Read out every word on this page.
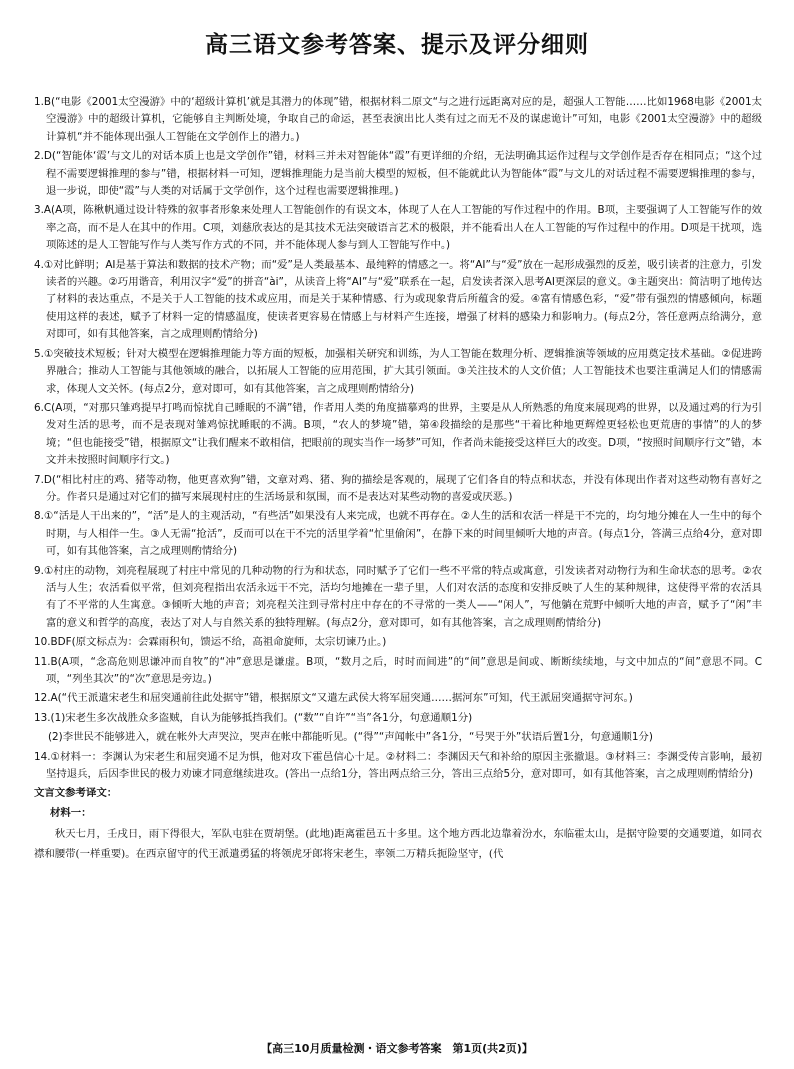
高三语文参考答案、提示及评分细则

1.B(“电影《2001太空漫游》中的‘超级计算机’就是其潜力的体现”错，根据材料二原文“与之进行远距离对应的是，超强人工智能……比如1968电影《2001太空漫游》中的超级计算机，它能够自主判断处境，争取自己的命运，甚至表演出比人类有过之而无不及的谋虑诡计”可知，电影《2001太空漫游》中的超级计算机“并不能体现出强人工智能在文学创作上的潜力。)

2.D(“智能体‘霞’与文儿的对话本质上也是文学创作”错，材料三并未对智能体“霞”有更详细的介绍，无法明确其运作过程与文学创作是否存在相同点；“这个过程不需要逻辑推理的参与”错，根据材料一可知，逻辑推理能力是当前大模型的短板，但不能就此认为智能体“霞”与文儿的对话过程不需要逻辑推理的参与，退一步说，即使“霞”与人类的对话属于文学创作，这个过程也需要逻辑推理。)

3.A(A项，陈楸帆通过设计特殊的叙事者形象来处理人工智能创作的有误文本，体现了人在人工智能的写作过程中的作用。B项，主要强调了人工智能写作的效率之高，而不是人在其中的作用。C项，刘慈欣表达的是其技术无法突破语言艺术的极限，并不能看出人在人工智能的写作过程中的作用。D项是干扰项，选项陈述的是人工智能写作与人类写作方式的不同，并不能体现人参与到人工智能写作中。)

4.①对比鲜明；AI是基于算法和数据的技术产物；而“爱”是人类最基本、最纯粹的情感之一。将“AI”与“爱”放在一起形成强烈的反差，吸引读者的注意力，引发读者的兴趣。②巧用谐音，利用汉字“爱”的拼音“ài”，从读音上将“AI”与“爱”联系在一起，启发读者深入思考AI更深层的意义。③主题突出：简洁明了地传达了材料的表达重点，不是关于人工智能的技术或应用，而是关于某种情感、行为或现象背后所蕴含的爱。④富有情感色彩，“爱”带有强烈的情感倾向，标题使用这样的表述，赋予了材料一定的情感温度，使读者更容易在情感上与材料产生连接，增强了材料的感染力和影响力。(每点2分，答任意两点给满分，意对即可，如有其他答案，言之成理则酌情给分)

5.①突破技术短板；针对大模型在逻辑推理能力等方面的短板，加强相关研究和训练，为人工智能在数理分析、逻辑推演等领域的应用奠定技术基础。②促进跨界融合；推动人工智能与其他领域的融合，以拓展人工智能的应用范围，扩大其引领面。③关注技术的人文价值；人工智能技术也要注重满足人们的情感需求，体现人文关怀。(每点2分，意对即可，如有其他答案，言之成理则酌情给分)

6.C(A项，“对那只雏鸡提早打鸣而惊扰自己睡眠的不满”错，作者用人类的角度描摹鸡的世界，主要是从人所熟悉的角度来展现鸡的世界，以及通过鸡的行为引发对生活的思考，而不是表现对雏鸡惊扰睡眠的不满。B项，“农人的梦境”错，第④段描绘的是那些“干着比种地更辉煌更轻松也更荒唐的事情”的人的梦境；“但也能接受”错，根据原文“让我们醒来不敢相信，把眼前的现实当作一场梦”可知，作者尚未能接受这样巨大的改变。D项，“按照时间顺序行文”错，本文并未按照时间顺序行文。)

7.D(“相比村庄的鸡、猪等动物，他更喜欢狗”错，文章对鸡、猪、狗的描绘是客观的，展现了它们各自的特点和状态，并没有体现出作者对这些动物有喜好之分。作者只是通过对它们的描写来展现村庄的生活场景和氛围，而不是表达对某些动物的喜爱或厌恶。)

8.①“活是人干出来的”，“活”是人的主观活动，“有些活”如果没有人来完成，也就不再存在。②人生的活和农活一样是干不完的，均匀地分摊在人一生中的每个时期，与人相伴一生。③人无需“抢活”，反而可以在干不完的活里学着“忙里偷闲”，在静下来的时间里倾听大地的声音。(每点1分，答满三点给4分，意对即可，如有其他答案，言之成理则酌情给分)

9.①村庄的动物，刘亮程展现了村庄中常见的几种动物的行为和状态，同时赋予了它们一些不平常的特点或寓意，引发读者对动物行为和生命状态的思考。②农活与人生；农活看似平常，但刘亮程指出农活永远干不完，活均匀地摊在一辈子里，人们对农活的态度和安排反映了人生的某种规律，这使得平常的农活具有了不平常的人生寓意。③倾听大地的声音；刘亮程关注到寻常村庄中存在的不寻常的一类人——“闲人”，写他躺在荒野中倾听大地的声音，赋予了“闲”丰富的意义和哲学的高度，表达了对人与自然关系的独特理解。(每点2分，意对即可，如有其他答案，言之成理则酌情给分)

10.BDF(原文标点为：会霖雨积旬，馈运不给，高祖命旋师，太宗切谏乃止。)

11.B(A项，“念高危则思谦冲而自牧”的“冲”意思是谦虚。B项，“数月之后，时时而间进”的“间”意思是间或、断断续续地，与文中加点的“间”意思不同。C项，“列坐其次”的“次”意思是旁边。)

12.A(“代王派遣宋老生和屈突通前往此处据守”错，根据原文“又遣左武侯大将军屈突通……据河东”可知，代王派屈突通据守河东。)

13.(1)宋老生多次战胜众多盗贼，自认为能够抵挡我们。(“数”“自许”“当”各1分，句意通顺1分)

(2)李世民不能够进入，就在帐外大声哭泣，哭声在帐中都能听见。(“得”“声闻帐中”各1分，“号哭于外”状语后置1分，句意通顺1分)

14.①材料一：李渊认为宋老生和屈突通不足为惧，他对攻下霍邑信心十足。②材料二：李渊因天气和补给的原因主张撤退。③材料三：李渊受传言影响，最初坚持退兵，后因李世民的极力劝谏才同意继续进攻。(答出一点给1分，答出两点给三分，答出三点给5分，意对即可，如有其他答案，言之成理则酌情给分)

文言文参考译文：

材料一：

秋天七月，壬戌日，雨下得很大，军队屯驻在贾胡堡。(此地)距离霍邑五十多里。这个地方西北边靠着汾水，东临霍太山，是据守险要的交通要道，如同衣襟和腰带(一样重要)。在西京留守的代王派遣勇猛的将领虎牙郎将宋老生，率领二万精兵扼险坚守，(代

【高三10月质量检测・语文参考答案　第1页(共2页)】
